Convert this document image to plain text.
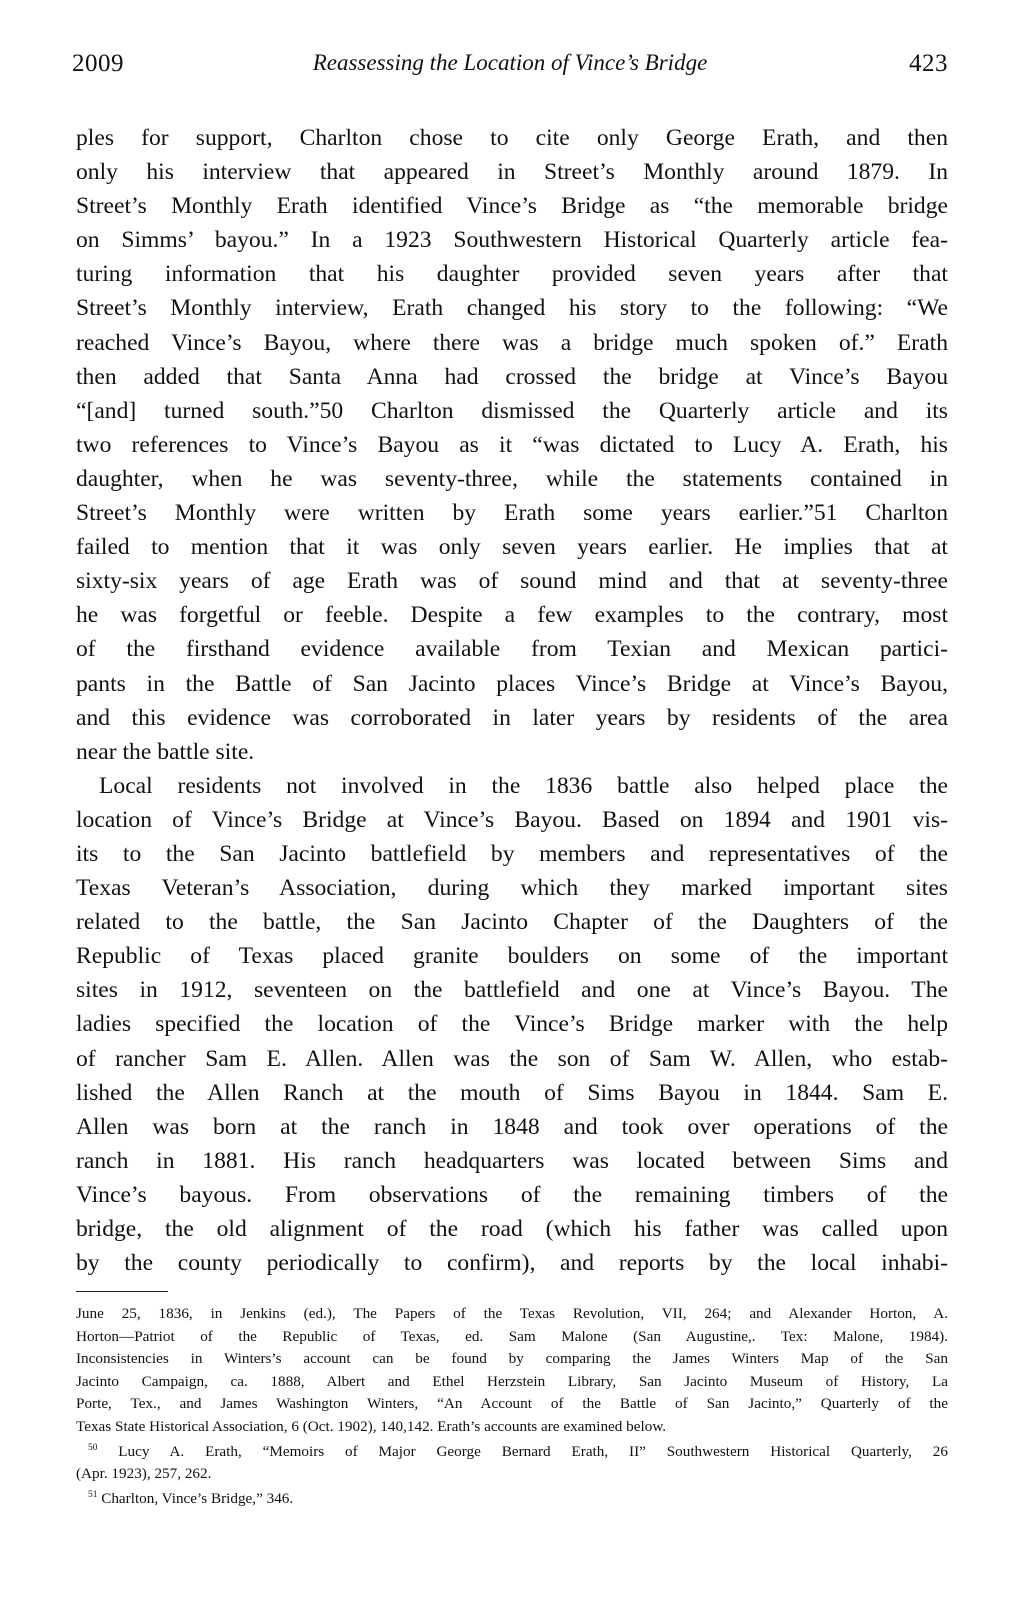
2009	Reassessing the Location of Vince’s Bridge	423
ples for support, Charlton chose to cite only George Erath, and then
only his interview that appeared in Street’s Monthly around 1879. In
Street’s Monthly Erath identified Vince’s Bridge as “the memorable bridge
on Simms’ bayou.” In a 1923 Southwestern Historical Quarterly article fea-
turing information that his daughter provided seven years after that
Street’s Monthly interview, Erath changed his story to the following: “We
reached Vince’s Bayou, where there was a bridge much spoken of.” Erath
then added that Santa Anna had crossed the bridge at Vince’s Bayou
“[and] turned south.”50 Charlton dismissed the Quarterly article and its
two references to Vince’s Bayou as it “was dictated to Lucy A. Erath, his
daughter, when he was seventy-three, while the statements contained in
Street’s Monthly were written by Erath some years earlier.”51 Charlton
failed to mention that it was only seven years earlier. He implies that at
sixty-six years of age Erath was of sound mind and that at seventy-three
he was forgetful or feeble. Despite a few examples to the contrary, most
of the firsthand evidence available from Texian and Mexican partici-
pants in the Battle of San Jacinto places Vince’s Bridge at Vince’s Bayou,
and this evidence was corroborated in later years by residents of the area
near the battle site.
Local residents not involved in the 1836 battle also helped place the
location of Vince’s Bridge at Vince’s Bayou. Based on 1894 and 1901 vis-
its to the San Jacinto battlefield by members and representatives of the
Texas Veteran’s Association, during which they marked important sites
related to the battle, the San Jacinto Chapter of the Daughters of the
Republic of Texas placed granite boulders on some of the important
sites in 1912, seventeen on the battlefield and one at Vince’s Bayou. The
ladies specified the location of the Vince’s Bridge marker with the help
of rancher Sam E. Allen. Allen was the son of Sam W. Allen, who estab-
lished the Allen Ranch at the mouth of Sims Bayou in 1844. Sam E.
Allen was born at the ranch in 1848 and took over operations of the
ranch in 1881. His ranch headquarters was located between Sims and
Vince’s bayous. From observations of the remaining timbers of the
bridge, the old alignment of the road (which his father was called upon
by the county periodically to confirm), and reports by the local inhabi-
June 25, 1836, in Jenkins (ed.), The Papers of the Texas Revolution, VII, 264; and Alexander Horton, A.
Horton—Patriot of the Republic of Texas, ed. Sam Malone (San Augustine,. Tex: Malone, 1984).
Inconsistencies in Winters’s account can be found by comparing the James Winters Map of the San
Jacinto Campaign, ca. 1888, Albert and Ethel Herzstein Library, San Jacinto Museum of History, La
Porte, Tex., and James Washington Winters, “An Account of the Battle of San Jacinto,” Quarterly of the
Texas State Historical Association, 6 (Oct. 1902), 140,142. Erath’s accounts are examined below.
$^{50}$ Lucy A. Erath, “Memoirs of Major George Bernard Erath, II” Southwestern Historical Quarterly, 26
(Apr. 1923), 257, 262.
$^{51}$ Charlton, Vince’s Bridge,” 346.
